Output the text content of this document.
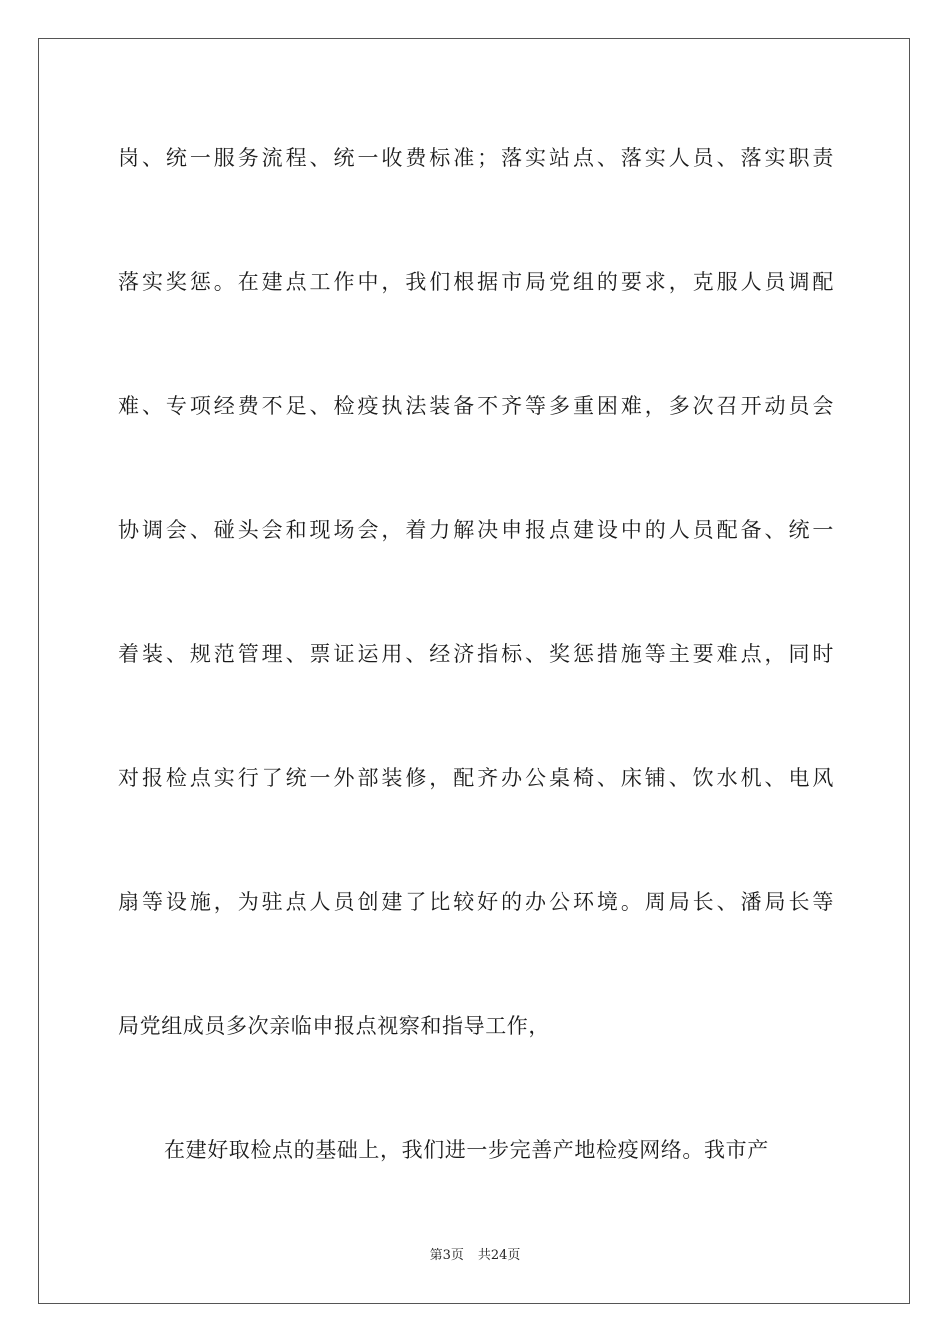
岗、统一服务流程、统一收费标准；落实站点、落实人员、落实职责
落实奖惩。在建点工作中，我们根据市局党组的要求，克服人员调配
难、专项经费不足、检疫执法装备不齐等多重困难，多次召开动员会
协调会、碰头会和现场会，着力解决申报点建设中的人员配备、统一
着装、规范管理、票证运用、经济指标、奖惩措施等主要难点，同时
对报检点实行了统一外部装修，配齐办公桌椅、床铺、饮水机、电风
扇等设施，为驻点人员创建了比较好的办公环境。周局长、潘局长等
局党组成员多次亲临申报点视察和指导工作，
在建好取检点的基础上，我们进一步完善产地检疫网络。我市产
第3页 共24页
